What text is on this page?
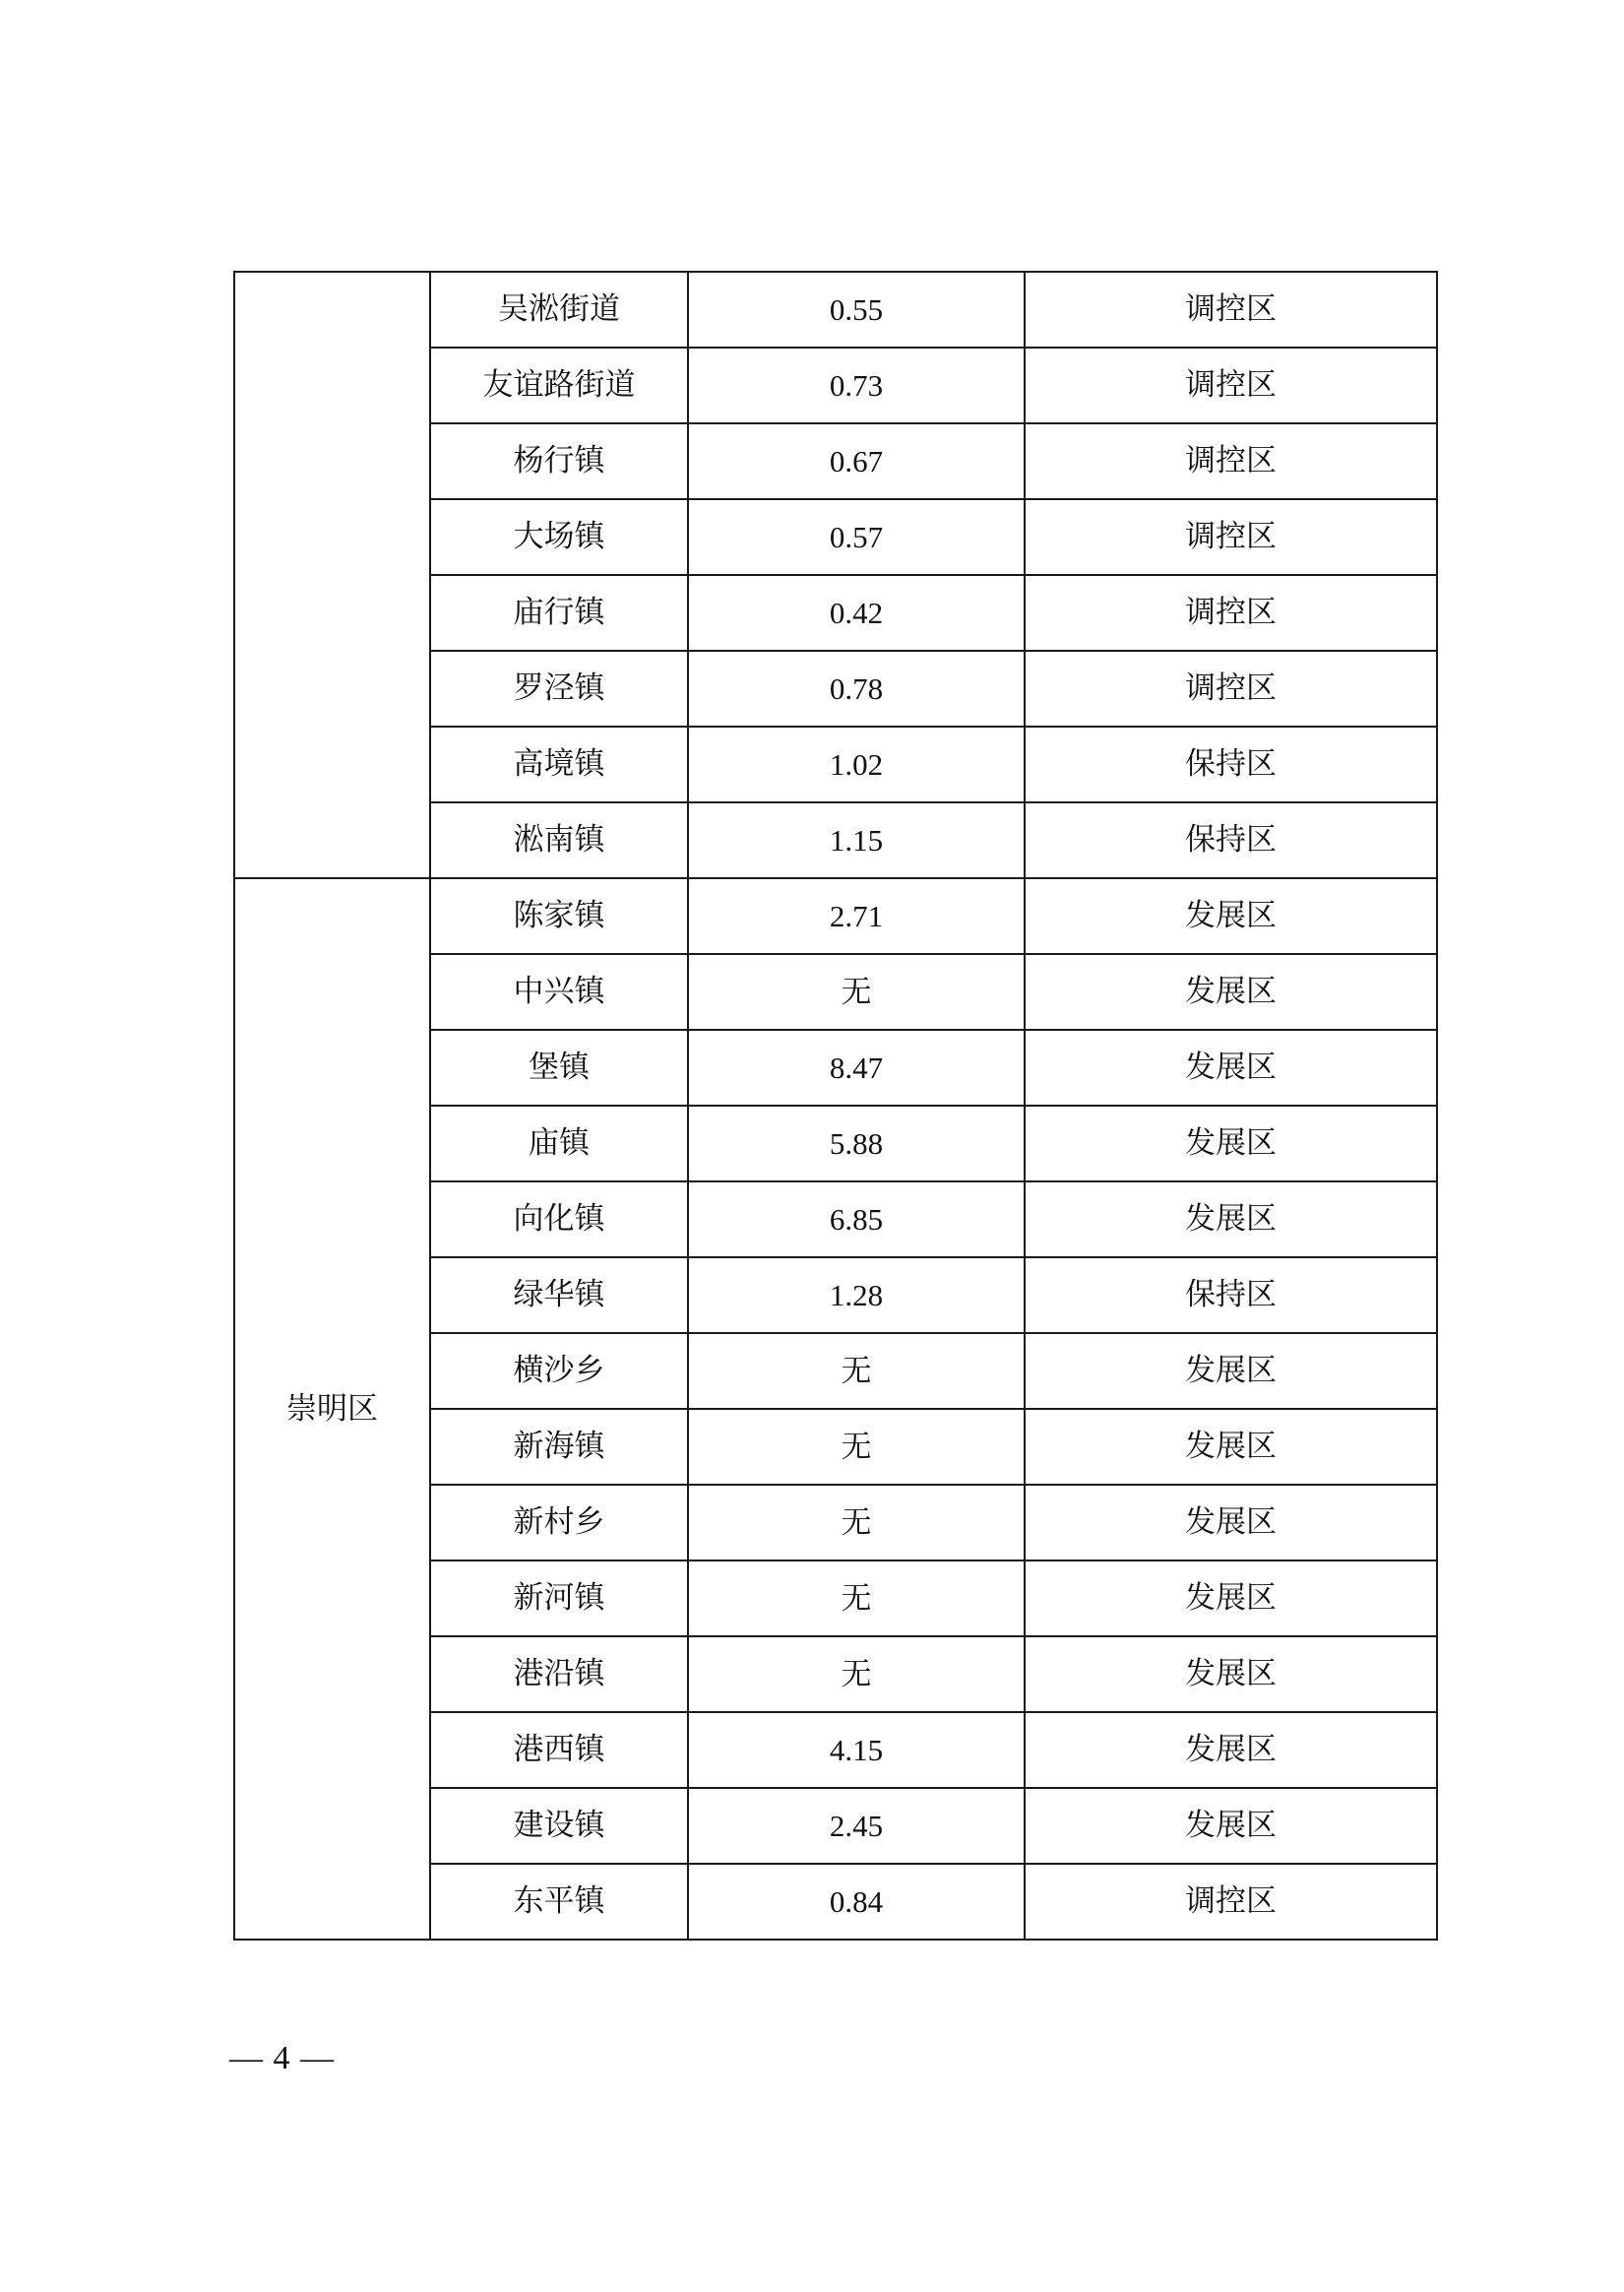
	吴淞街道	0.55	调控区
	友谊路街道	0.73	调控区
	杨行镇	0.67	调控区
	大场镇	0.57	调控区
	庙行镇	0.42	调控区
	罗泾镇	0.78	调控区
	高境镇	1.02	保持区
	淞南镇	1.15	保持区
崇明区	陈家镇	2.71	发展区
	中兴镇	无	发展区
	堡镇	8.47	发展区
	庙镇	5.88	发展区
	向化镇	6.85	发展区
	绿华镇	1.28	保持区
	横沙乡	无	发展区
	新海镇	无	发展区
	新村乡	无	发展区
	新河镇	无	发展区
	港沿镇	无	发展区
	港西镇	4.15	发展区
	建设镇	2.45	发展区
	东平镇	0.84	调控区
— 4 —
